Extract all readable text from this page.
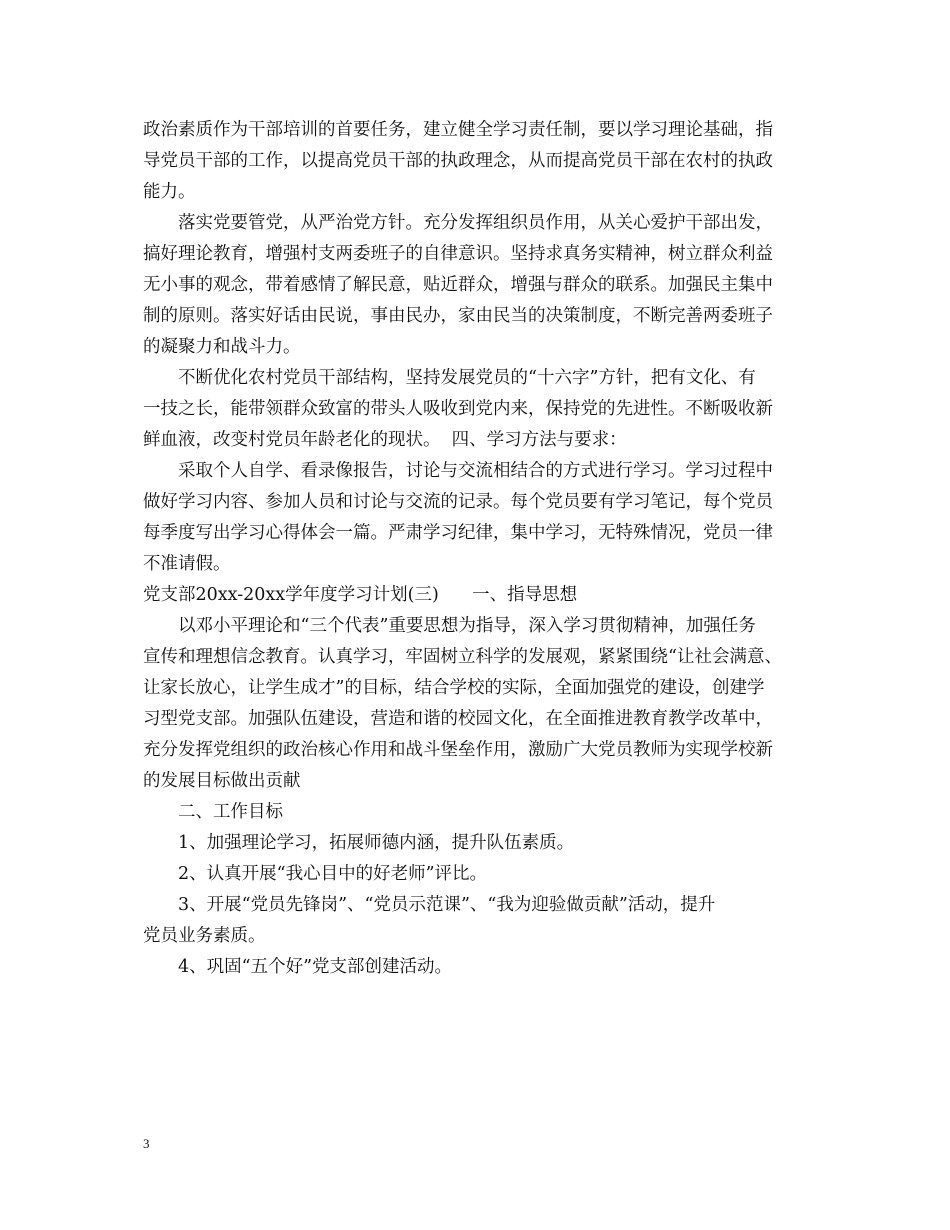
政治素质作为干部培训的首要任务，建立健全学习责任制，要以学习理论基础，指
导党员干部的工作，以提高党员干部的执政理念，从而提高党员干部在农村的执政
能力。
落实党要管党，从严治党方针。充分发挥组织员作用，从关心爱护干部出发，
搞好理论教育，增强村支两委班子的自律意识。坚持求真务实精神，树立群众利益
无小事的观念，带着感情了解民意，贴近群众，增强与群众的联系。加强民主集中
制的原则。落实好话由民说，事由民办，家由民当的决策制度，不断完善两委班子
的凝聚力和战斗力。
不断优化农村党员干部结构，坚持发展党员的“十六字”方针，把有文化、有
一技之长，能带领群众致富的带头人吸收到党内来，保持党的先进性。不断吸收新
鲜血液，改变村党员年龄老化的现状。  四、学习方法与要求：
采取个人自学、看录像报告，讨论与交流相结合的方式进行学习。学习过程中
做好学习内容、参加人员和讨论与交流的记录。每个党员要有学习笔记，每个党员
每季度写出学习心得体会一篇。严肃学习纪律，集中学习，无特殊情况，党员一律
不准请假。
党支部20xx-20xx学年度学习计划(三)      一、指导思想
以邓小平理论和“三个代表”重要思想为指导，深入学习贯彻精神，加强任务
宣传和理想信念教育。认真学习，牢固树立科学的发展观，紧紧围绕“让社会满意、
让家长放心，让学生成才”的目标，结合学校的实际，全面加强党的建设，创建学
习型党支部。加强队伍建设，营造和谐的校园文化，在全面推进教育教学改革中，
充分发挥党组织的政治核心作用和战斗堡垒作用，激励广大党员教师为实现学校新
的发展目标做出贡献
二、工作目标
1、加强理论学习，拓展师德内涵，提升队伍素质。
2、认真开展“我心目中的好老师”评比。
3、开展“党员先锋岗”、“党员示范课”、“我为迎验做贡献”活动，提升
党员业务素质。
4、巩固“五个好”党支部创建活动。
3
